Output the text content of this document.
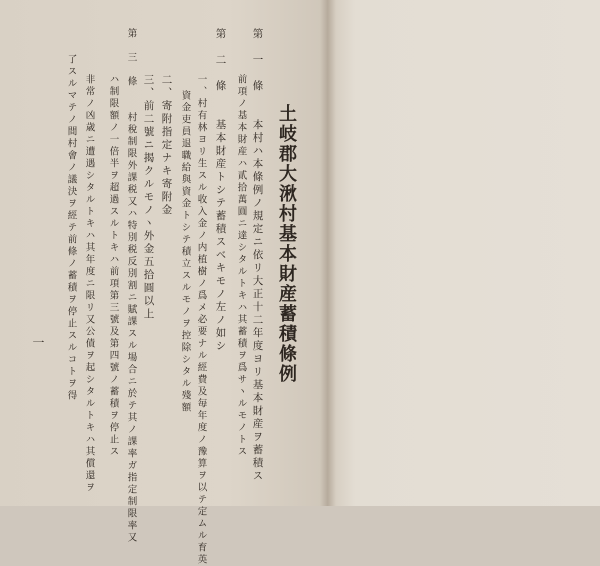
土岐郡大湫村基本財産蓄積條例
第　一　條　　本村ハ本條例ノ規定ニ依リ大正十二年度ヨリ基本財産ヲ蓄積ス
前項ノ基本財産ハ貳拾萬圓ニ達シタルトキハ其蓄積ヲ爲サヽルモノトス
第　二　條　　基本財産トシテ蓄積スベキモノ左ノ如シ
一、村有林ヨリ生スル收入金ノ内植樹ノ爲メ必要ナル經費及毎年度ノ豫算ヲ以テ定ムル育英
資金吏員退職給與資金トシテ積立スルモノヲ控除シタル殘額
二、寄附指定ナキ寄附金
三、前二號ニ揭クルモノヽ外金五拾圓以上
第　三　條　　村稅制限外課税又ハ特別税反別割ニ賦課スル場合ニ於テ其ノ課率ガ指定制限率又
ハ制限額ノ一倍半ヲ超過スルトキハ前項第三號及第四號ノ蓄積ヲ停止ス
非常ノ凶歳ニ遭遇シタルトキハ其年度ニ限リ又公債ヲ起シタルトキハ其償還ヲ
了スルマテノ間村會ノ議決ヲ經テ前條ノ蓄積ヲ停止スルコトヲ得
一
